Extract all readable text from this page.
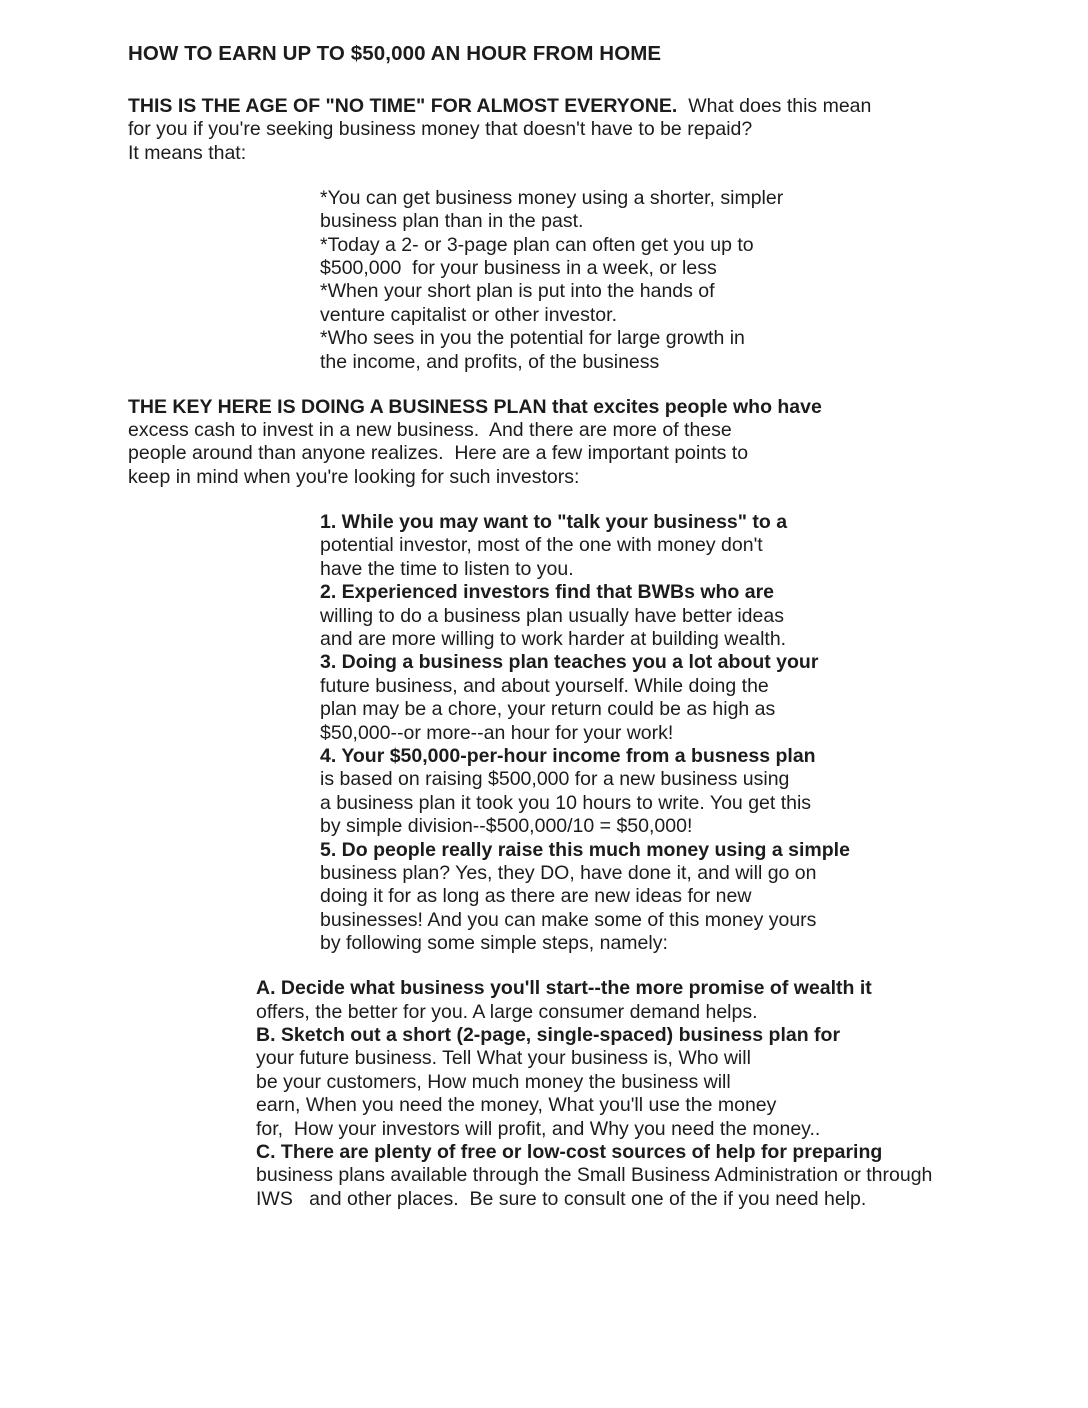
HOW TO EARN UP TO $50,000 AN HOUR FROM HOME
THIS IS THE AGE OF "NO TIME" FOR ALMOST EVERYONE.  What does this mean
for you if you're seeking business money that doesn't have to be repaid?
It means that:
*You can get business money using a shorter, simpler
business plan than in the past.
*Today a 2- or 3-page plan can often get you up to
$500,000  for your business in a week, or less
*When your short plan is put into the hands of
venture capitalist or other investor.
*Who sees in you the potential for large growth in
the income, and profits, of the business
THE KEY HERE IS DOING A BUSINESS PLAN that excites people who have
excess cash to invest in a new business.  And there are more of these
people around than anyone realizes.  Here are a few important points to
keep in mind when you're looking for such investors:
1. While you may want to "talk your business" to a
potential investor, most of the one with money don't
have the time to listen to you.
2. Experienced investors find that BWBs who are
willing to do a business plan usually have better ideas
and are more willing to work harder at building wealth.
3. Doing a business plan teaches you a lot about your
future business, and about yourself. While doing the
plan may be a chore, your return could be as high as
$50,000--or more--an hour for your work!
4. Your $50,000-per-hour income from a busness plan
is based on raising $500,000 for a new business using
a business plan it took you 10 hours to write. You get this
by simple division--$500,000/10 = $50,000!
5. Do people really raise this much money using a simple
business plan? Yes, they DO, have done it, and will go on
doing it for as long as there are new ideas for new
businesses! And you can make some of this money yours
by following some simple steps, namely:
A. Decide what business you'll start--the more promise of wealth it
offers, the better for you. A large consumer demand helps.
B. Sketch out a short (2-page, single-spaced) business plan for
your future business. Tell What your business is, Who will
be your customers, How much money the business will
earn, When you need the money, What you'll use the money
for,  How your investors will profit, and Why you need the money..
C. There are plenty of free or low-cost sources of help for preparing
business plans available through the Small Business Administration or through
IWS   and other places.  Be sure to consult one of the if you need help.
